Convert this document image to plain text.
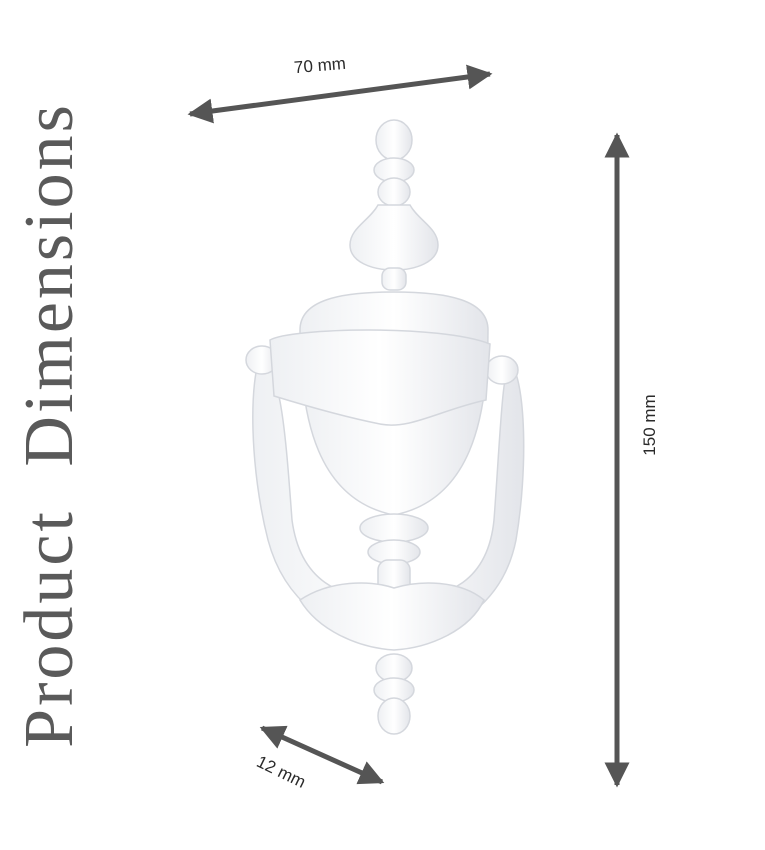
Product Dimensions
70 mm
150 mm
12 mm
